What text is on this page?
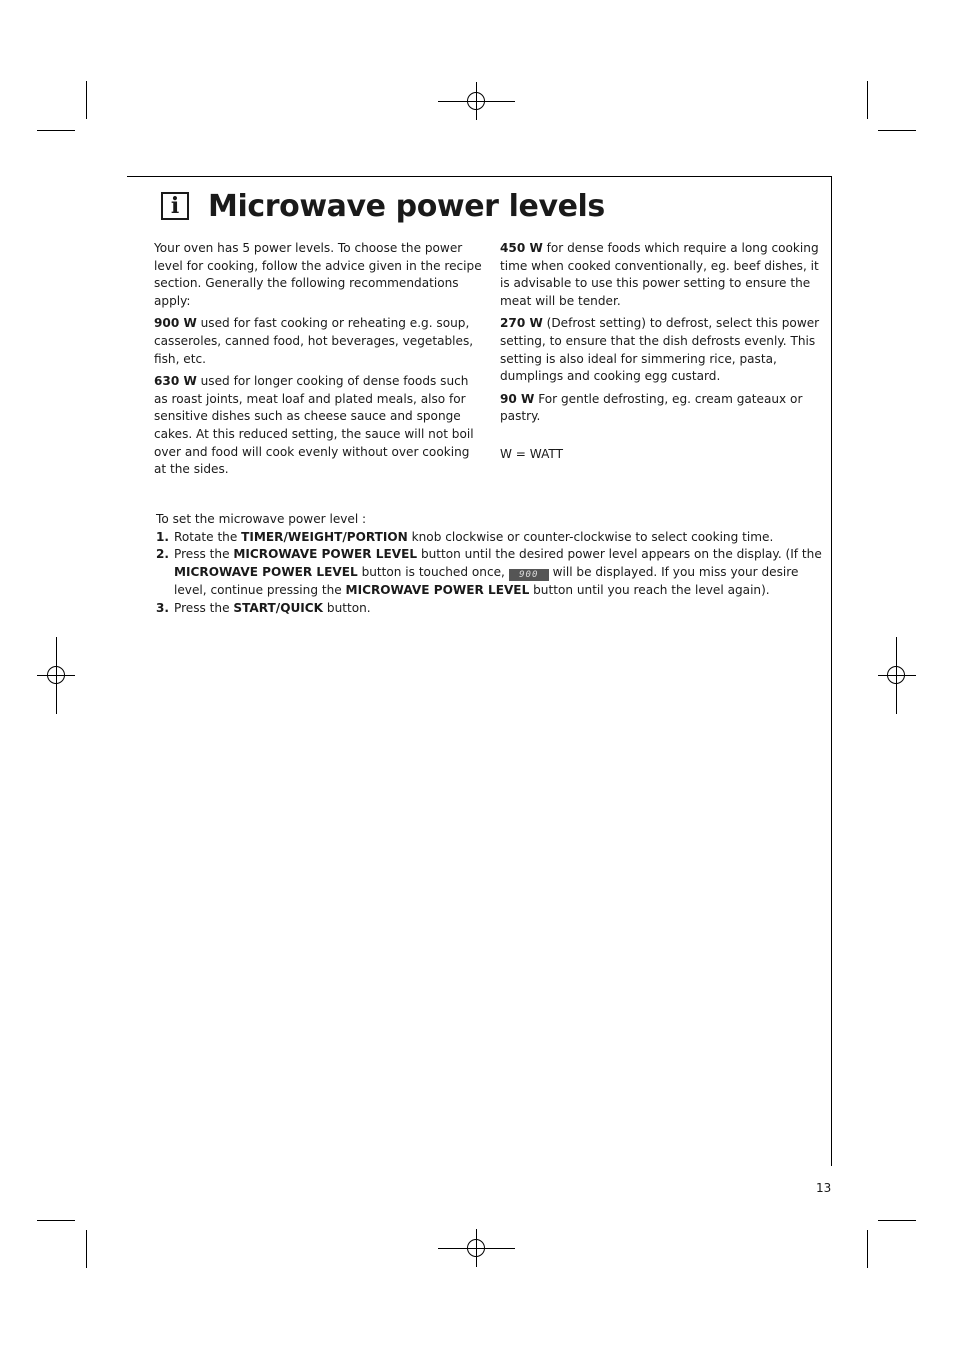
i Microwave power levels

Your oven has 5 power levels. To choose the power level for cooking, follow the advice given in the recipe section. Generally the following recommendations apply:

900 W used for fast cooking or reheating e.g. soup, casseroles, canned food, hot beverages, vegetables, fish, etc.

630 W used for longer cooking of dense foods such as roast joints, meat loaf and plated meals, also for sensitive dishes such as cheese sauce and sponge cakes. At this reduced setting, the sauce will not boil over and food will cook evenly without over cooking at the sides.

450 W for dense foods which require a long cooking time when cooked conventionally, eg. beef dishes, it is advisable to use this power setting to ensure the meat will be tender.

270 W (Defrost setting) to defrost, select this power setting, to ensure that the dish defrosts evenly. This setting is also ideal for simmering rice, pasta, dumplings and cooking egg custard.

90 W For gentle defrosting, eg. cream gateaux or pastry.

W = WATT

To set the microwave power level :

1. Rotate the TIMER/WEIGHT/PORTION knob clockwise or counter-clockwise to select cooking time.
2. Press the MICROWAVE POWER LEVEL button until the desired power level appears on the display. (If the MICROWAVE POWER LEVEL button is touched once, 900 will be displayed. If you miss your desire level, continue pressing the MICROWAVE POWER LEVEL button until you reach the level again).
3. Press the START/QUICK button.
13
